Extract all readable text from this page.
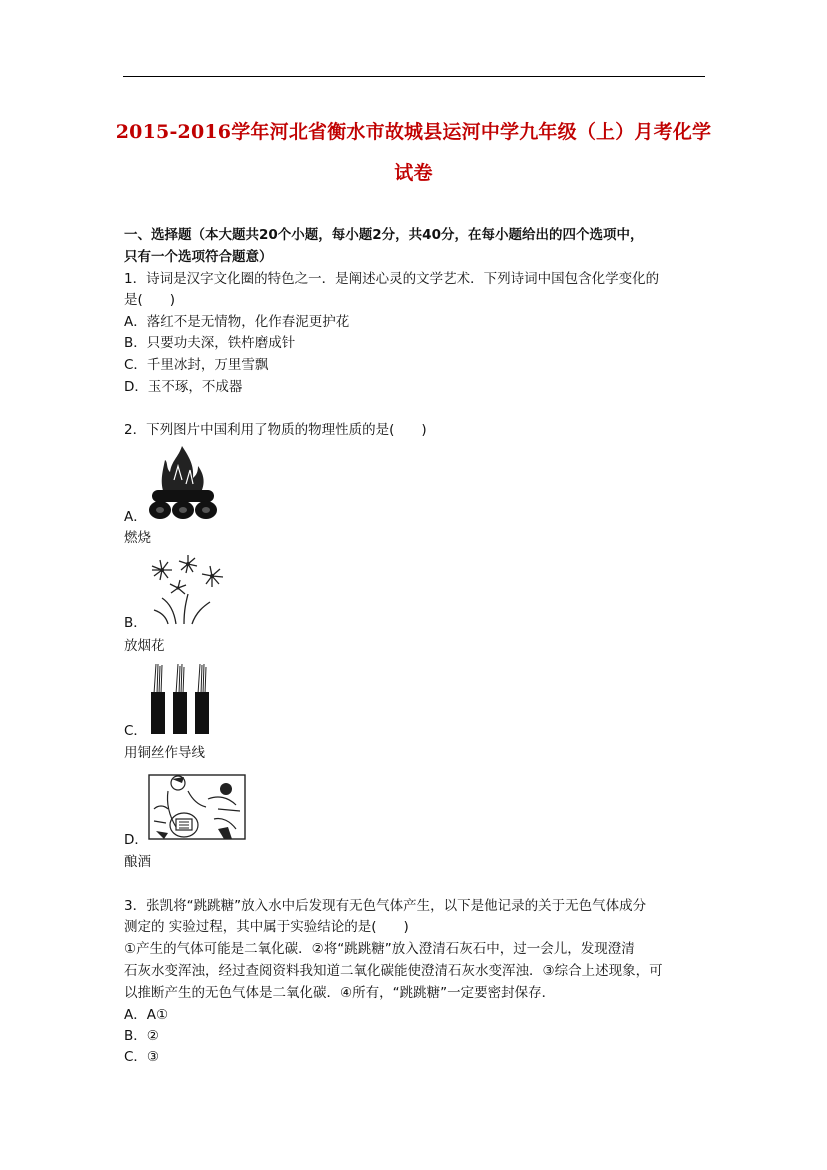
2015-2016学年河北省衡水市故城县运河中学九年级（上）月考化学
试卷
一、选择题（本大题共20个小题，每小题2分，共40分，在每小题给出的四个选项中，
只有一个选项符合题意）
1．诗词是汉字文化圈的特色之一．是阐述心灵的文学艺术．下列诗词中国包含化学变化的
是(　　)
A．落红不是无情物，化作春泥更护花
B．只要功夫深，铁杵磨成针
C．千里冰封，万里雪飘
D．玉不琢，不成器
2．下列图片中国利用了物质的物理性质的是(　　)
A．
燃烧
B．
放烟花
C．
用铜丝作导线
D．
酿酒
3．张凯将“跳跳糖”放入水中后发现有无色气体产生，以下是他记录的关于无色气体成分
测定的 实验过程，其中属于实验结论的是(　　)
①产生的气体可能是二氧化碳．②将“跳跳糖”放入澄清石灰石中，过一会儿，发现澄清
石灰水变浑浊，经过查阅资料我知道二氧化碳能使澄清石灰水变浑浊．③综合上述现象，可
以推断产生的无色气体是二氧化碳．④所有，“跳跳糖”一定要密封保存．
A．A①
B．②
C．③
